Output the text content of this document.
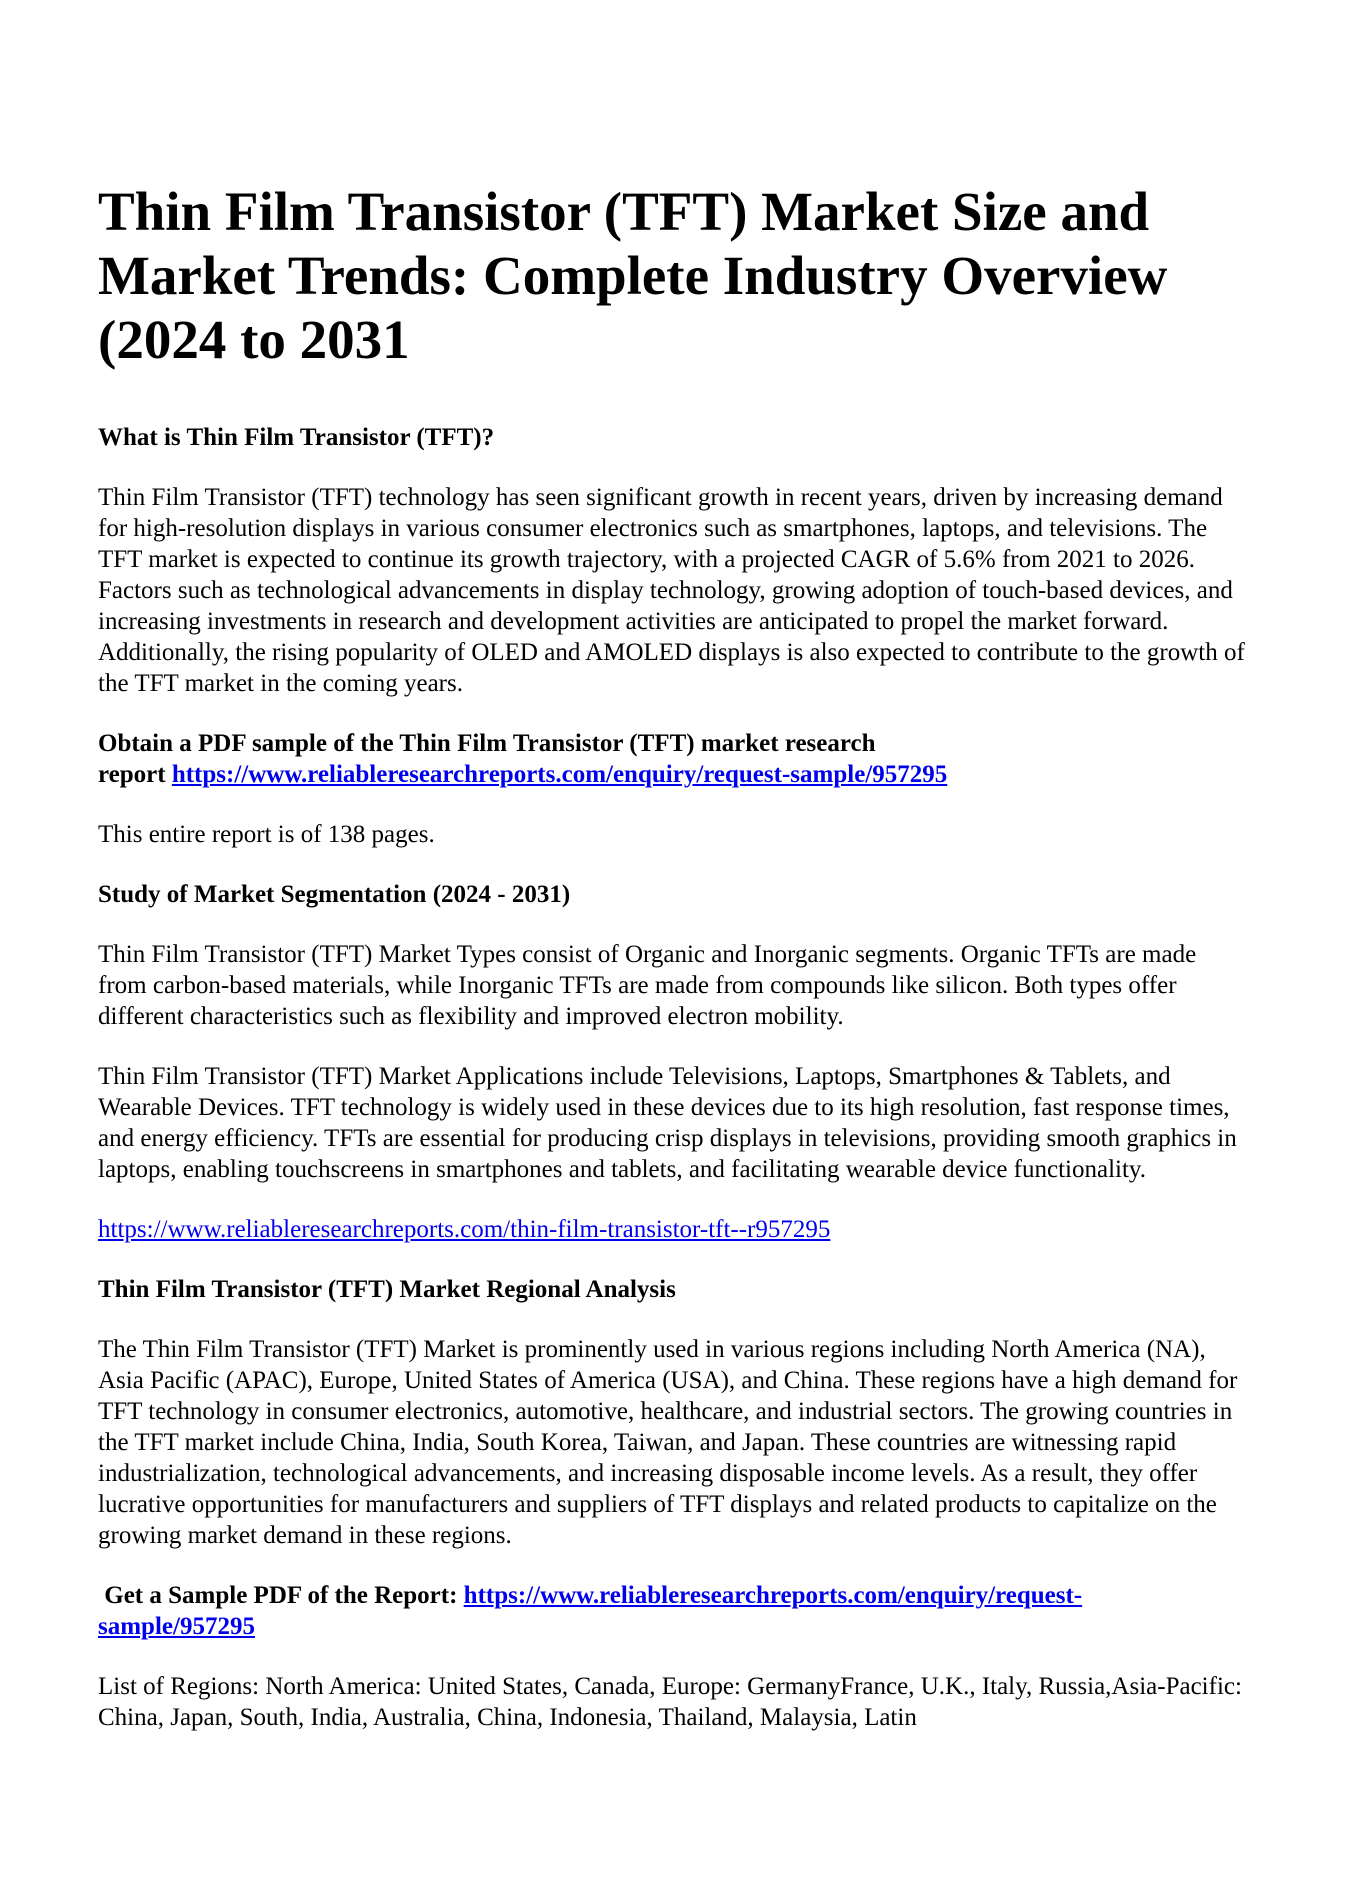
Thin Film Transistor (TFT) Market Size and Market Trends: Complete Industry Overview (2024 to 2031
What is Thin Film Transistor (TFT)?

Thin Film Transistor (TFT) technology has seen significant growth in recent years, driven by increasing demand for high-resolution displays in various consumer electronics such as smartphones, laptops, and televisions. The TFT market is expected to continue its growth trajectory, with a projected CAGR of 5.6% from 2021 to 2026. Factors such as technological advancements in display technology, growing adoption of touch-based devices, and increasing investments in research and development activities are anticipated to propel the market forward. Additionally, the rising popularity of OLED and AMOLED displays is also expected to contribute to the growth of the TFT market in the coming years.

Obtain a PDF sample of the Thin Film Transistor (TFT) market research
report https://www.reliableresearchreports.com/enquiry/request-sample/957295

This entire report is of 138 pages.

Study of Market Segmentation (2024 - 2031)

Thin Film Transistor (TFT) Market Types consist of Organic and Inorganic segments. Organic TFTs are made from carbon-based materials, while Inorganic TFTs are made from compounds like silicon. Both types offer different characteristics such as flexibility and improved electron mobility.

Thin Film Transistor (TFT) Market Applications include Televisions, Laptops, Smartphones & Tablets, and Wearable Devices. TFT technology is widely used in these devices due to its high resolution, fast response times, and energy efficiency. TFTs are essential for producing crisp displays in televisions, providing smooth graphics in laptops, enabling touchscreens in smartphones and tablets, and facilitating wearable device functionality.

https://www.reliableresearchreports.com/thin-film-transistor-tft--r957295

Thin Film Transistor (TFT) Market Regional Analysis

The Thin Film Transistor (TFT) Market is prominently used in various regions including North America (NA), Asia Pacific (APAC), Europe, United States of America (USA), and China. These regions have a high demand for TFT technology in consumer electronics, automotive, healthcare, and industrial sectors. The growing countries in the TFT market include China, India, South Korea, Taiwan, and Japan. These countries are witnessing rapid industrialization, technological advancements, and increasing disposable income levels. As a result, they offer lucrative opportunities for manufacturers and suppliers of TFT displays and related products to capitalize on the growing market demand in these regions.

Get a Sample PDF of the Report: https://www.reliableresearchreports.com/enquiry/request-
sample/957295

List of Regions: North America: United States, Canada, Europe: GermanyFrance, U.K., Italy, Russia,Asia-Pacific: China, Japan, South, India, Australia, China, Indonesia, Thailand, Malaysia, Latin
